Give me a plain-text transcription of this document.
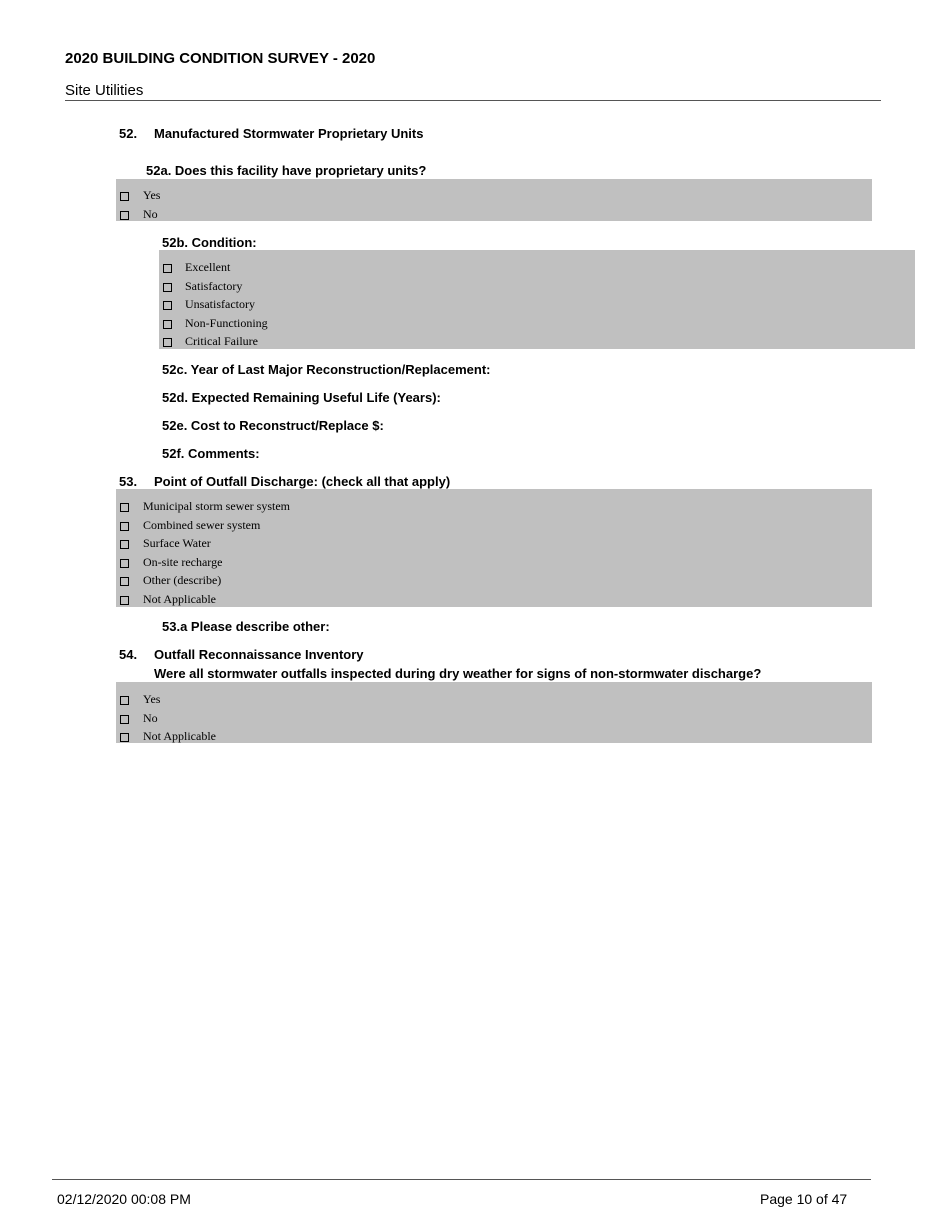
2020 BUILDING CONDITION SURVEY - 2020
Site Utilities
52. Manufactured Stormwater Proprietary Units
52a. Does this facility have proprietary units?
Yes
No
52b. Condition:
Excellent
Satisfactory
Unsatisfactory
Non-Functioning
Critical Failure
52c. Year of Last Major Reconstruction/Replacement:
52d. Expected Remaining Useful Life (Years):
52e. Cost to Reconstruct/Replace $:
52f. Comments:
53. Point of Outfall Discharge: (check all that apply)
Municipal storm sewer system
Combined sewer system
Surface Water
On-site recharge
Other (describe)
Not Applicable
53.a Please describe other:
54. Outfall Reconnaissance Inventory
Were all stormwater outfalls inspected during dry weather for signs of non-stormwater discharge?
Yes
No
Not Applicable
02/12/2020 00:08 PM	Page 10 of 47
